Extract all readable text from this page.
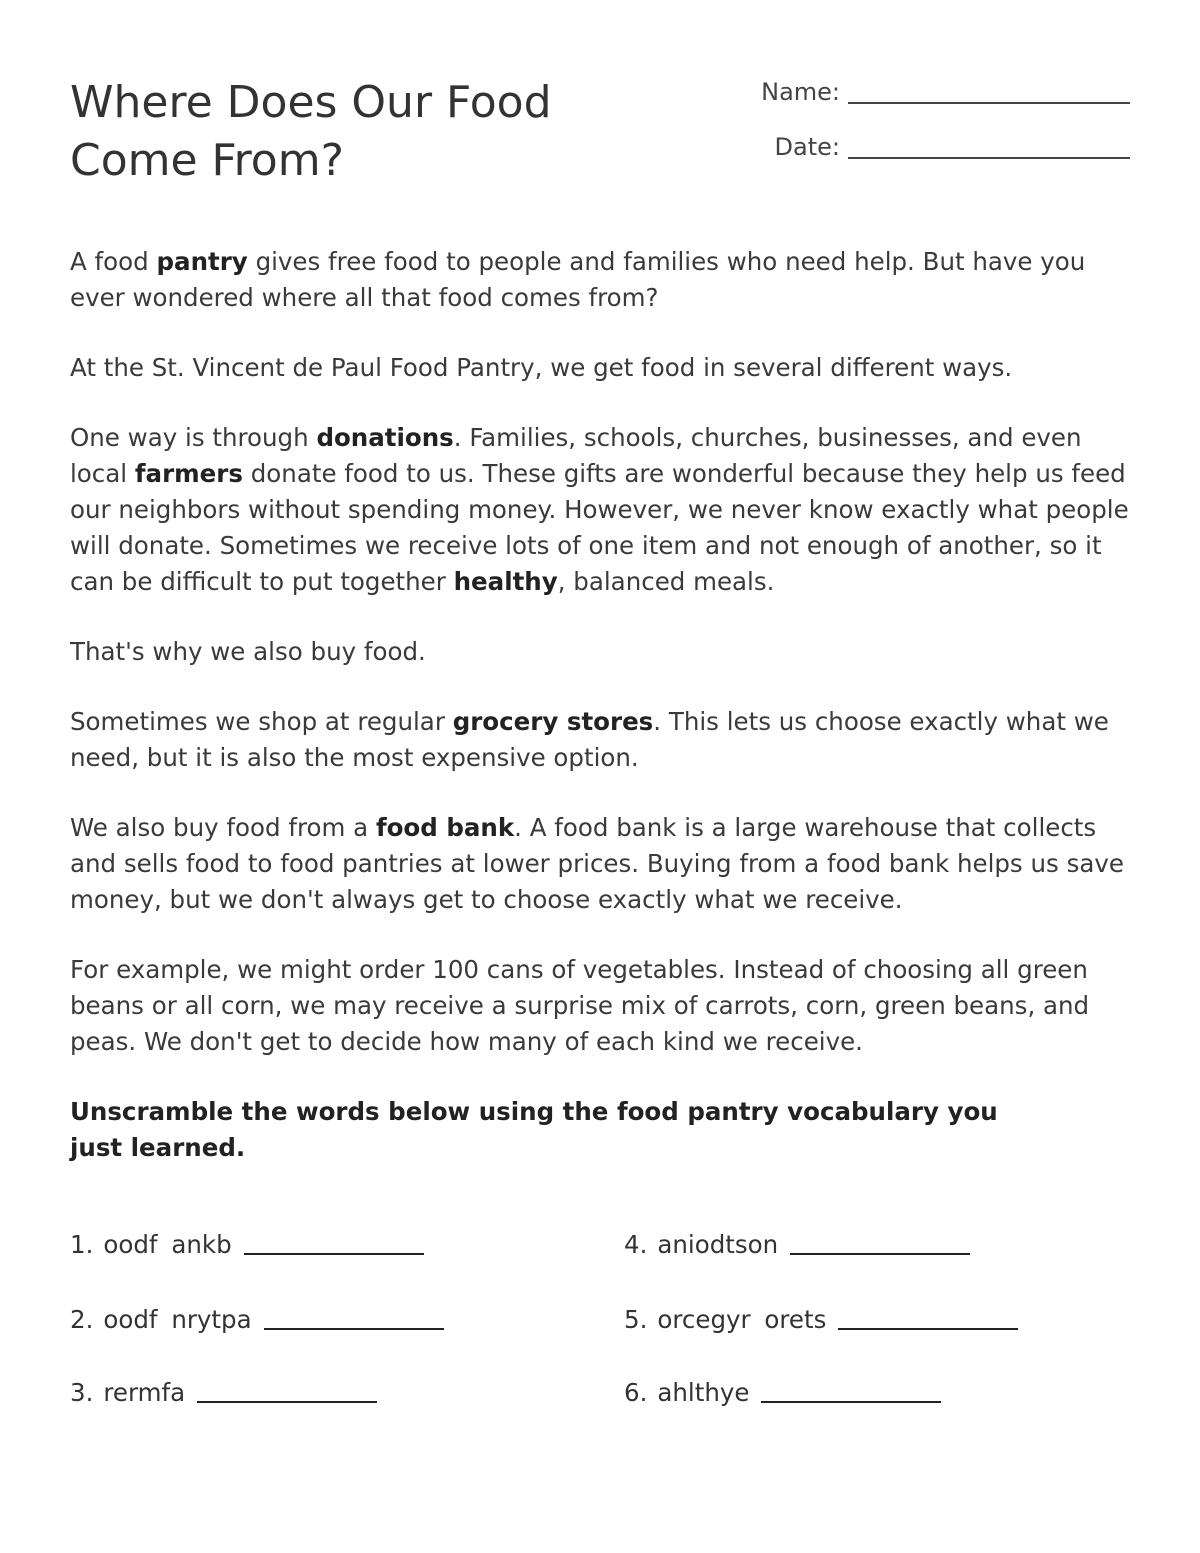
Where Does Our Food Come From?
Name:
Date:

A food pantry gives free food to people and families who need help. But have you ever wondered where all that food comes from?

At the St. Vincent de Paul Food Pantry, we get food in several different ways.

One way is through donations. Families, schools, churches, businesses, and even local farmers donate food to us. These gifts are wonderful because they help us feed our neighbors without spending money. However, we never know exactly what people will donate. Sometimes we receive lots of one item and not enough of another, so it can be difficult to put together healthy, balanced meals.

That's why we also buy food.

Sometimes we shop at regular grocery stores. This lets us choose exactly what we need, but it is also the most expensive option.

We also buy food from a food bank. A food bank is a large warehouse that collects and sells food to food pantries at lower prices. Buying from a food bank helps us save money, but we don't always get to choose exactly what we receive.

For example, we might order 100 cans of vegetables. Instead of choosing all green beans or all corn, we may receive a surprise mix of carrots, corn, green beans, and peas. We don't get to decide how many of each kind we receive.

Unscramble the words below using the food pantry vocabulary you just learned.

1. oodf ankb
2. oodf nrytpa
3. rermfa
4. aniodtson
5. orcegyr orets
6. ahlthye
